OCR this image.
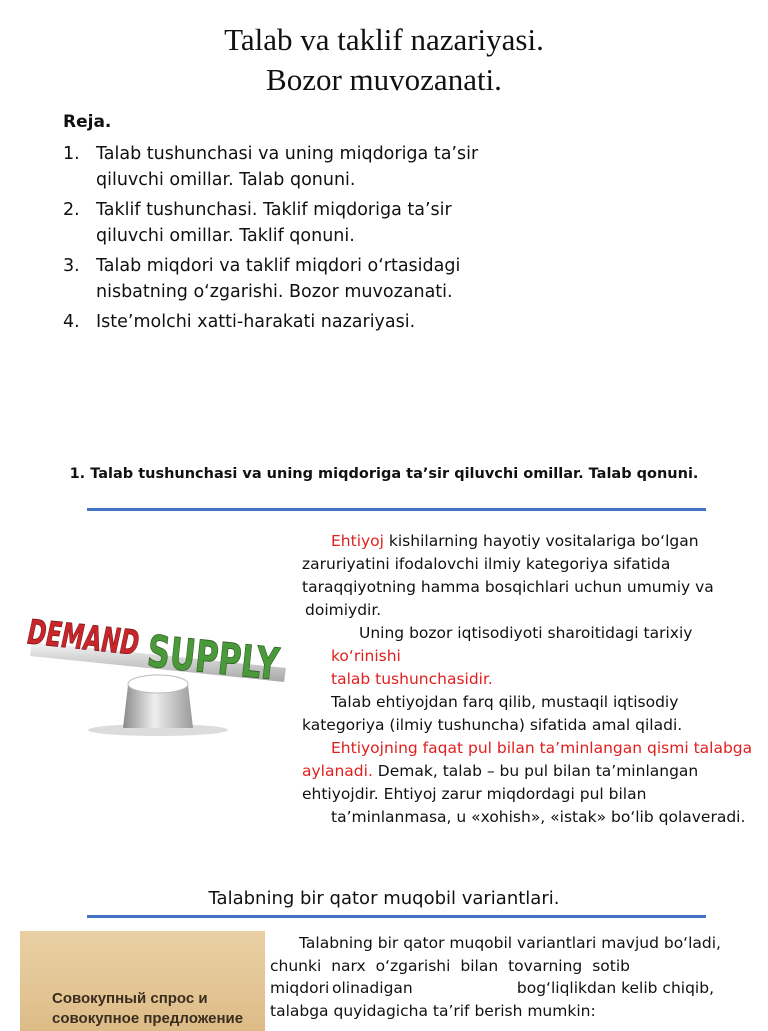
Talab va taklif nazariyasi.
Bozor muvozanati.
Reja.
1. Talab tushunchasi va uning miqdoriga ta’sir
qiluvchi omillar. Talab qonuni.
2. Taklif tushunchasi. Taklif miqdoriga ta’sir
qiluvchi omillar. Taklif qonuni.
3. Talab miqdori va taklif miqdori o‘rtasidagi
nisbatning o‘zgarishi. Bozor muvozanati.
4. Iste’molchi xatti-harakati nazariyasi.
1. Talab tushunchasi va uning miqdoriga ta’sir qiluvchi omillar. Talab qonuni.
DEMAND
SUPPLY
Ehtiyoj kishilarning hayotiy vositalariga bo‘lgan
zaruriyatini ifodalovchi ilmiy kategoriya sifatida
taraqqiyotning hamma bosqichlari uchun umumiy va
doimiydir.
Uning bozor iqtisodiyoti sharoitidagi tarixiy
ko‘rinishi
talab tushunchasidir.
Talab ehtiyojdan farq qilib, mustaqil iqtisodiy
kategoriya (ilmiy tushuncha) sifatida amal qiladi.
Ehtiyojning faqat pul bilan ta’minlangan qismi talabga
aylanadi. Demak, talab – bu pul bilan ta’minlangan
ehtiyojdir. Ehtiyoj zarur miqdordagi pul bilan
ta’minlanmasa, u «xohish», «istak» bo‘lib qolaveradi.
Talabning bir qator muqobil variantlari.
Совокупный спрос и
совокупное предложение
Talabning bir qator muqobil variantlari mavjud bo‘ladi,
chunki narx o‘zgarishi bilan tovarning sotib
miqdori olinadigan	bog‘liqlikdan kelib chiqib,
talabga quyidagicha ta’rif berish mumkin:
